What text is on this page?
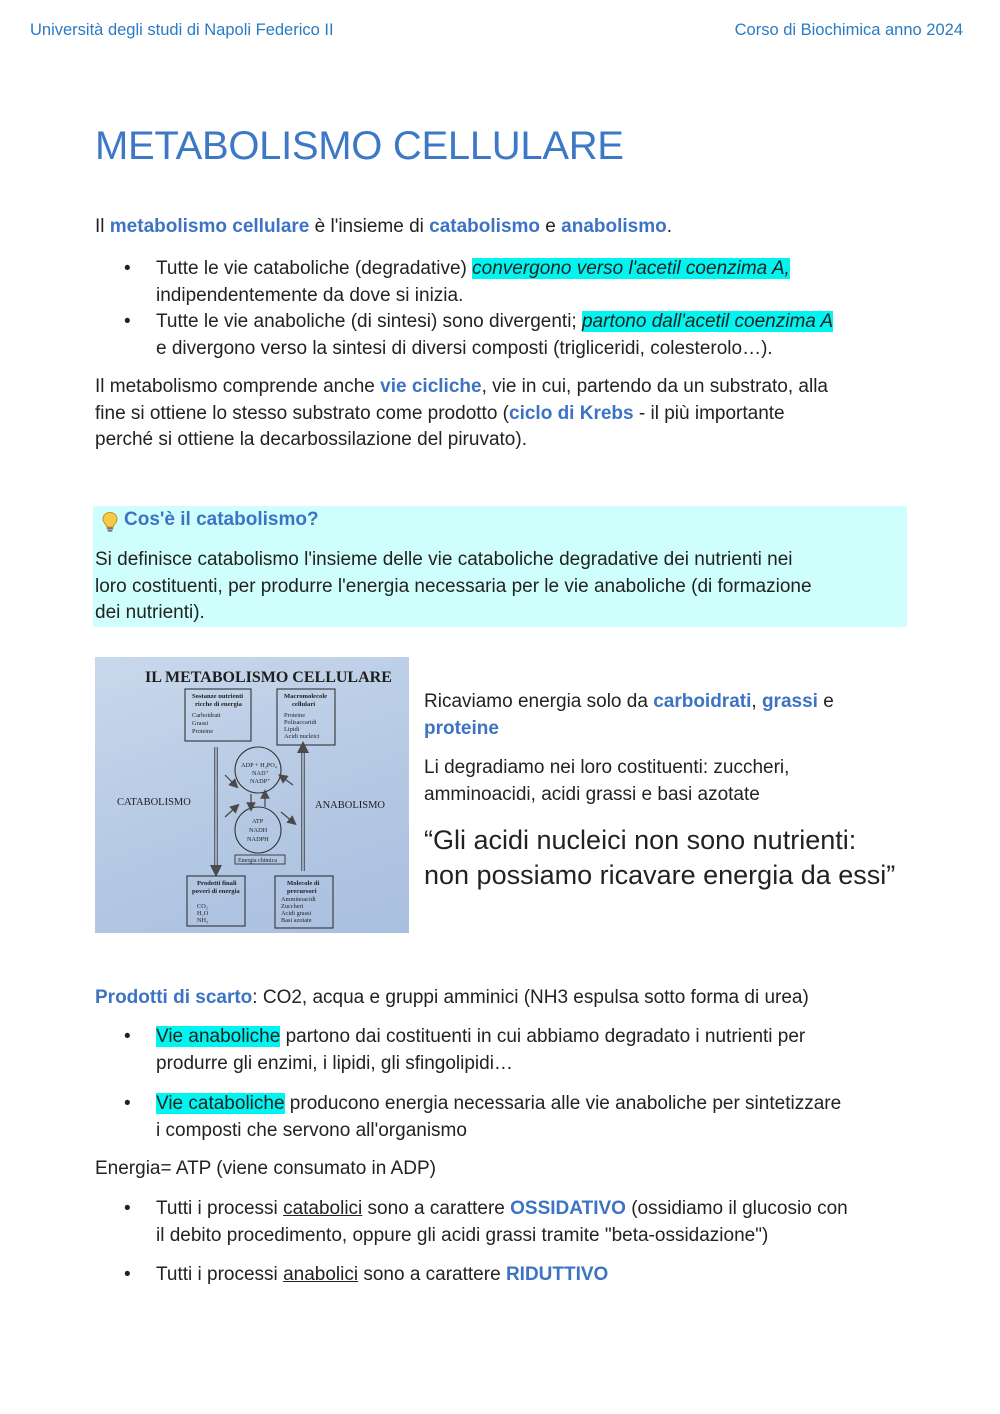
Università degli studi di Napoli Federico II	Corso di Biochimica anno 2024
METABOLISMO CELLULARE

Il metabolismo cellulare è l'insieme di catabolismo e anabolismo.

• Tutte le vie cataboliche (degradative) convergono verso l'acetil coenzima A,
indipendentemente da dove si inizia.

• Tutte le vie anaboliche (di sintesi) sono divergenti; partono dall'acetil coenzima A
e divergono verso la sintesi di diversi composti (trigliceridi, colesterolo…).

Il metabolismo comprende anche vie cicliche, vie in cui, partendo da un substrato, alla
fine si ottiene lo stesso substrato come prodotto (ciclo di Krebs - il più importante
perché si ottiene la decarbossilazione del piruvato).

Cos'è il catabolismo?
Si definisce catabolismo l'insieme delle vie cataboliche degradative dei nutrienti nei
loro costituenti, per produrre l'energia necessaria per le vie anaboliche (di formazione
dei nutrienti).
IL METABOLISMO CELLULARE
Sostanze nutrienti
ricche di energia
Carboidrati
Grassi
Proteine
Macromolecole
cellulari
Proteine
Polisaccaridi
Lipidi
Acidi nucleici
ADP + H₃PO₄
NAD⁺
NADP⁺
ATP
NADH
NADPH
Energia chimica
CATABOLISMO	ANABOLISMO
Prodotti finali
poveri di energia
CO₂
H₂O
NH₃
Molecole di
precursori
Amminoacidi
Zuccheri
Acidi grassi
Basi azotate

Ricaviamo energia solo da carboidrati, grassi e
proteine

Li degradiamo nei loro costituenti: zuccheri,
amminoacidi, acidi grassi e basi azotate

“Gli acidi nucleici non sono nutrienti:
non possiamo ricavare energia da essi”

Prodotti di scarto: CO2, acqua e gruppi amminici (NH3 espulsa sotto forma di urea)

• Vie anaboliche partono dai costituenti in cui abbiamo degradato i nutrienti per
produrre gli enzimi, i lipidi, gli sfingolipidi…

• Vie cataboliche producono energia necessaria alle vie anaboliche per sintetizzare
i composti che servono all'organismo

Energia= ATP (viene consumato in ADP)

• Tutti i processi catabolici sono a carattere OSSIDATIVO (ossidiamo il glucosio con
il debito procedimento, oppure gli acidi grassi tramite "beta-ossidazione")

• Tutti i processi anabolici sono a carattere RIDUTTIVO
